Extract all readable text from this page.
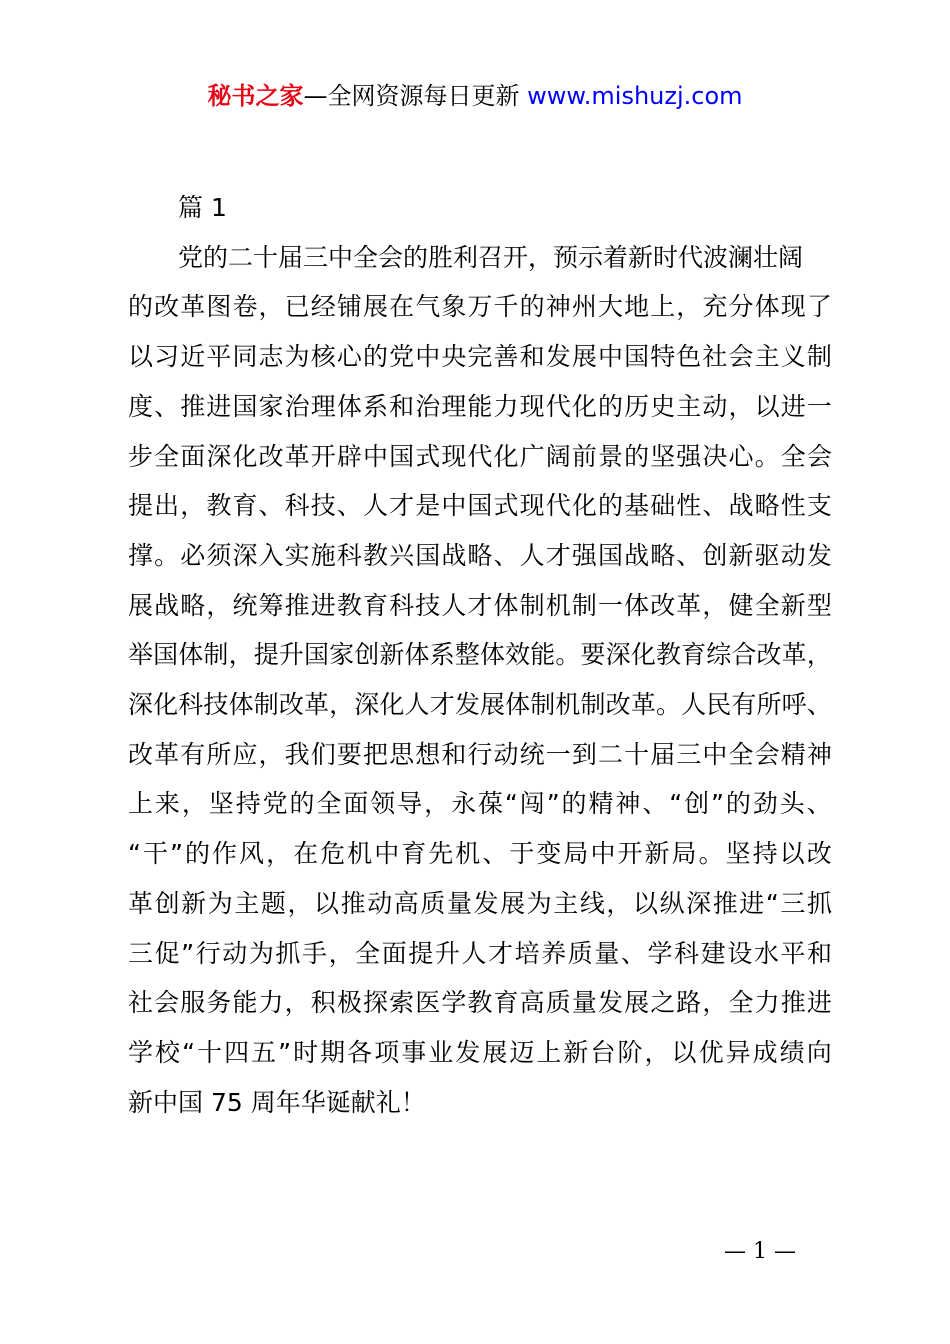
秘书之家—全网资源每日更新 www.mishuzj.com
篇 1
党的二十届三中全会的胜利召开，预示着新时代波澜壮阔
的 改 革 图 卷 ， 已 经 铺 展 在 气 象 万 千 的 神 州 大 地 上 ， 充 分 体 现 了
以 习 近 平 同 志 为 核 心 的 党 中 央 完 善 和 发 展 中 国 特 色 社 会 主 义 制
度 、 推 进 国 家 治 理 体 系 和 治 理 能 力 现 代 化 的 历 史 主 动 ， 以 进 一
步 全 面 深 化 改 革 开 辟 中 国 式 现 代 化 广 阔 前 景 的 坚 强 决 心 。 全 会
提 出 ， 教 育 、 科 技 、 人 才 是 中 国 式 现 代 化 的 基 础 性 、 战 略 性 支
撑 。 必 须 深 入 实 施 科 教 兴 国 战 略 、 人 才 强 国 战 略 、 创 新 驱 动 发
展 战 略 ， 统 筹 推 进 教 育 科 技 人 才 体 制 机 制 一 体 改 革 ， 健 全 新 型
举 国 体 制 ， 提 升 国 家 创 新 体 系 整 体 效 能 。 要 深 化 教 育 综 合 改 革 ，
深 化 科 技 体 制 改 革 ， 深 化 人 才 发 展 体 制 机 制 改 革 。 人 民 有 所 呼 、
改 革 有 所 应 ， 我 们 要 把 思 想 和 行 动 统 一 到 二 十 届 三 中 全 会 精 神
上 来 ， 坚 持 党 的 全 面 领 导 ， 永 葆 “ 闯 ” 的 精 神 、 “ 创 ” 的 劲 头 、
“ 干 ” 的 作 风 ， 在 危 机 中 育 先 机 、 于 变 局 中 开 新 局 。 坚 持 以 改
革 创 新 为 主 题 ， 以 推 动 高 质 量 发 展 为 主 线 ， 以 纵 深 推 进 “ 三 抓
三 促 ” 行 动 为 抓 手 ， 全 面 提 升 人 才 培 养 质 量 、 学 科 建 设 水 平 和
社 会 服 务 能 力 ， 积 极 探 索 医 学 教 育 高 质 量 发 展 之 路 ， 全 力 推 进
学 校 “ 十 四 五 ” 时 期 各 项 事 业 发 展 迈 上 新 台 阶 ， 以 优 异 成 绩 向
新中国 75 周年华诞献礼！
— 1 —
